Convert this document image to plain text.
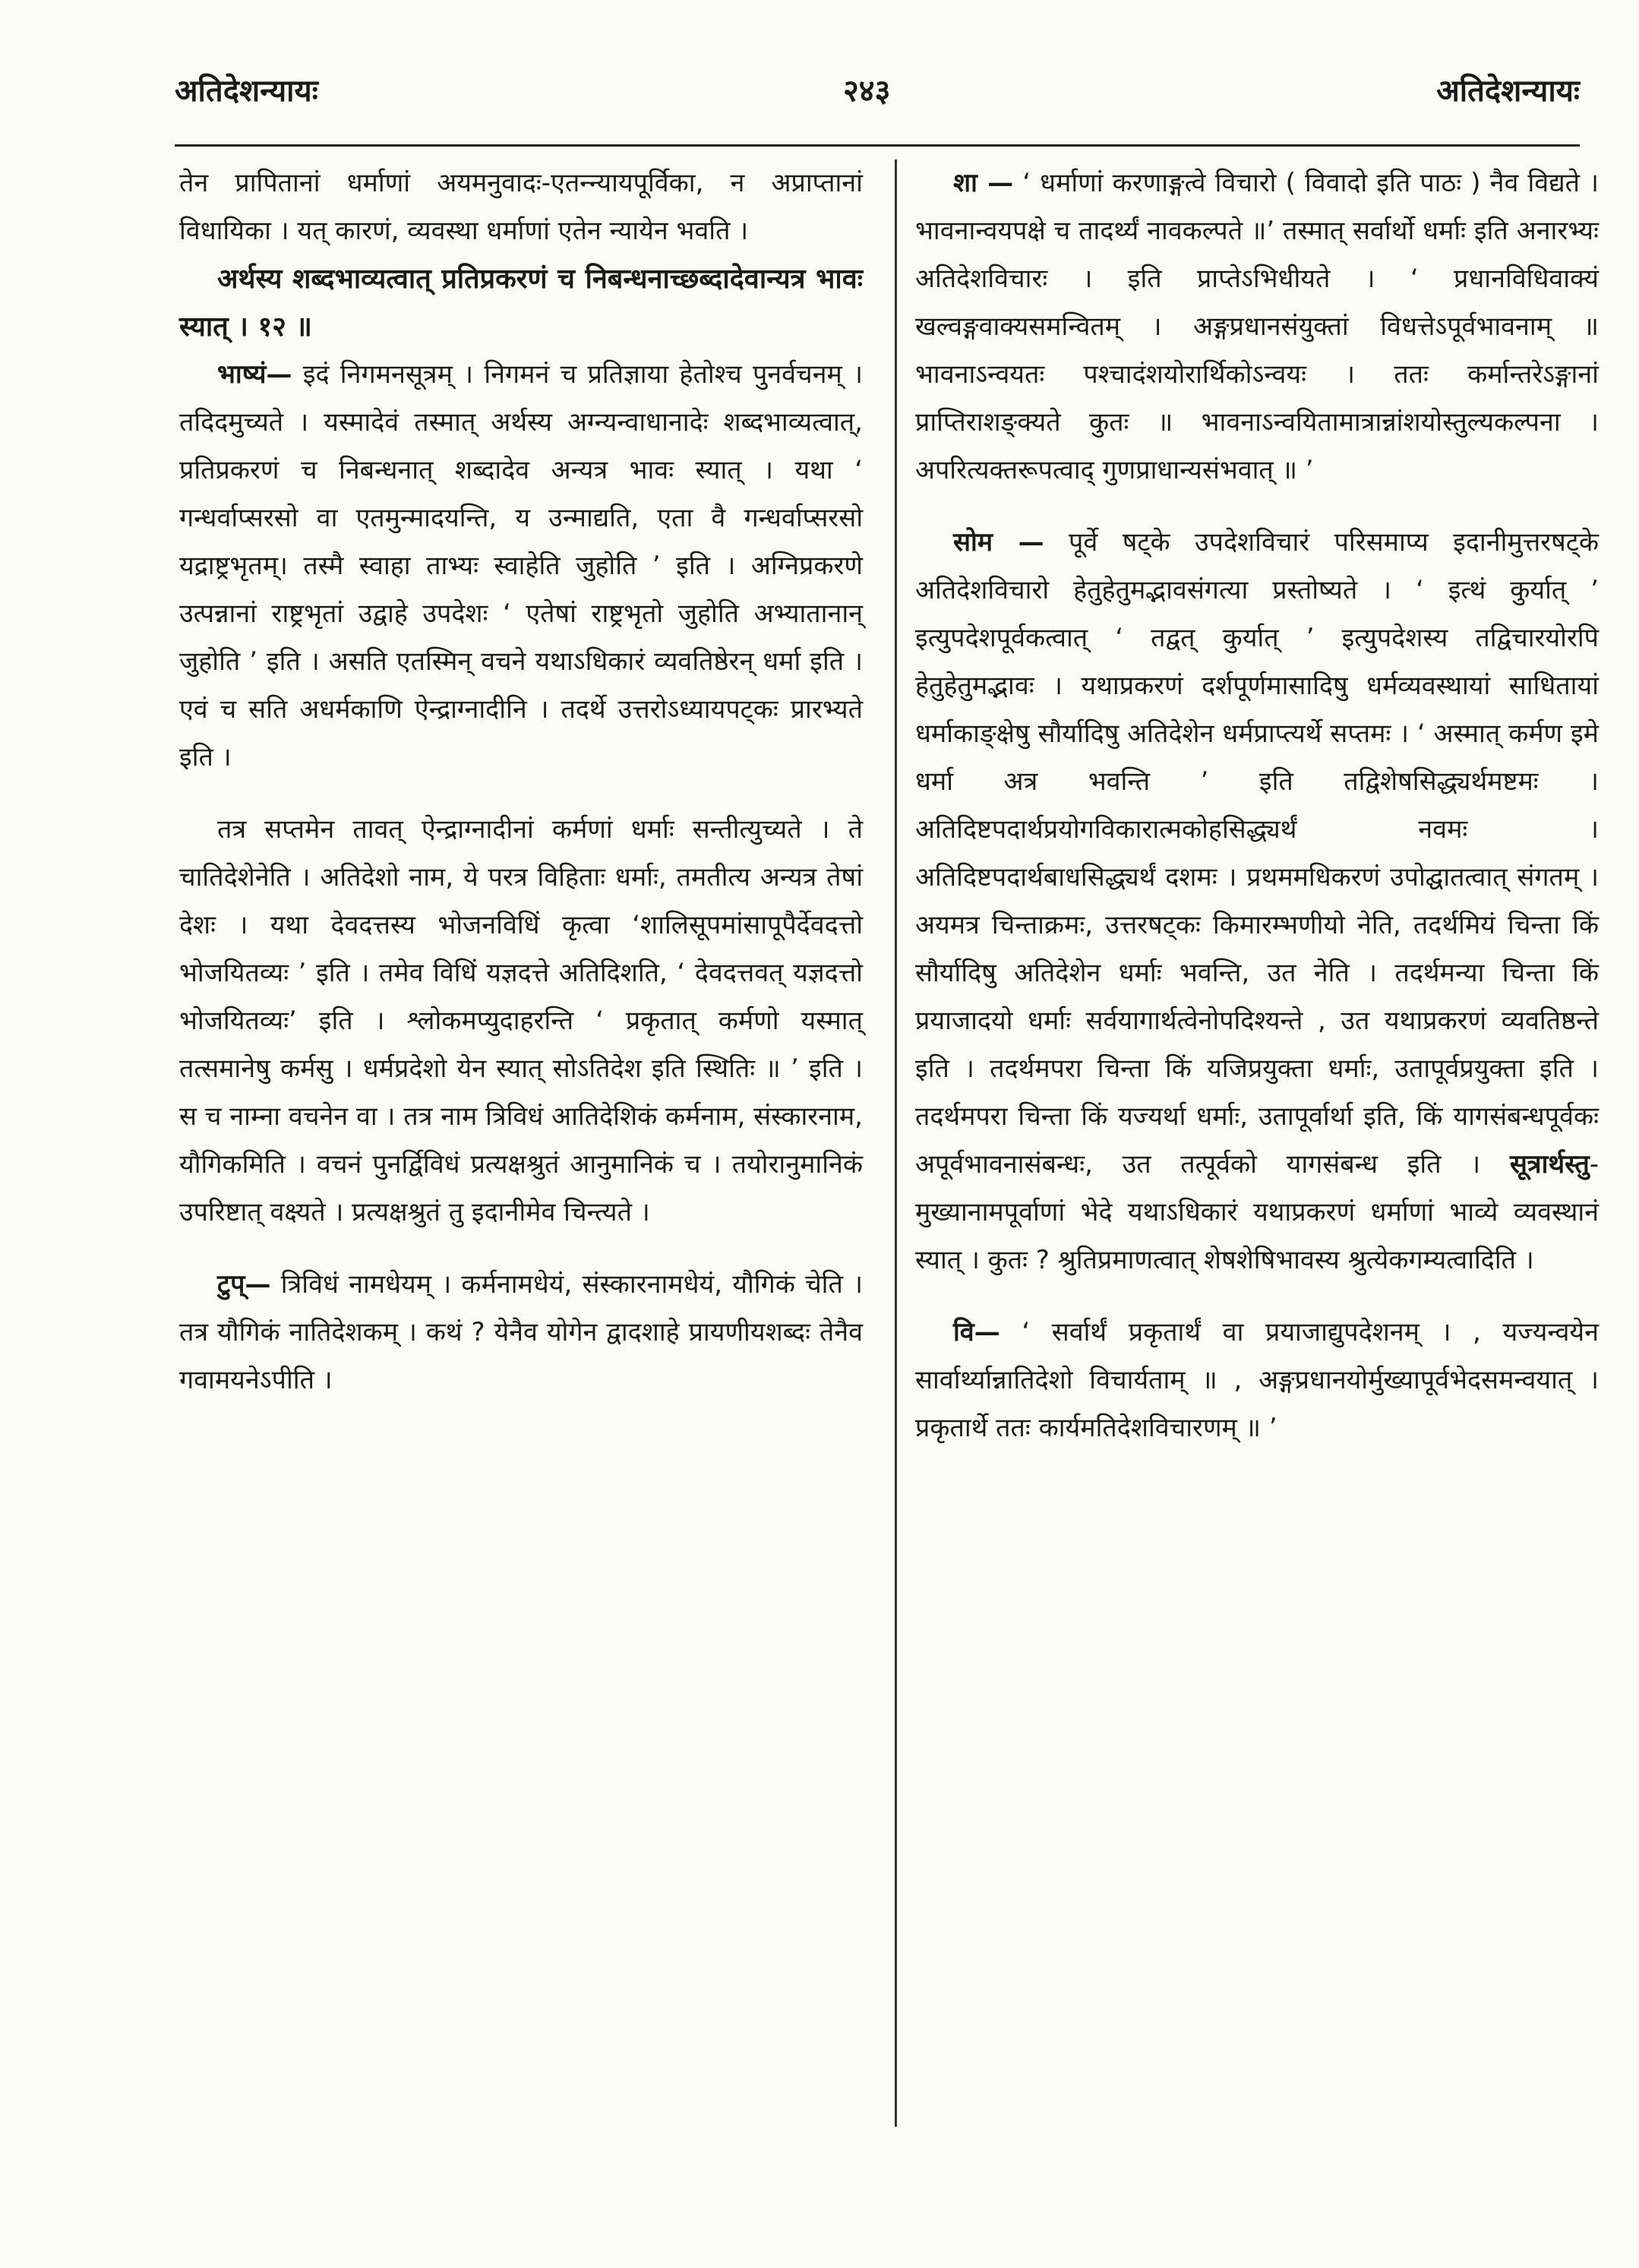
अतिदेशन्यायः	२४३	अतिदेशन्यायः

तेन प्रापितानां धर्माणां अयमनुवादः-एतन्न्यायपूर्विका, न अप्राप्तानां विधायिका । यत् कारणं, व्यवस्था धर्माणां एतेन न्यायेन भवति ।

अर्थस्य शब्दभाव्यत्वात् प्रतिप्रकरणं च निबन्धनाच्छब्दादेवान्यत्र भावः स्यात् । १२ ॥

भाष्यं— इदं निगमनसूत्रम् । निगमनं च प्रतिज्ञाया हेतोश्च पुनर्वचनम् । तदिदमुच्यते । यस्मादेवं तस्मात् अर्थस्य अग्न्यन्वाधानादेः शब्दभाव्यत्वात्, प्रतिप्रकरणं च निबन्धनात् शब्दादेव अन्यत्र भावः स्यात् । यथा ‘ गन्धर्वाप्सरसो वा एतमुन्मादयन्ति, य उन्माद्यति, एता वै गन्धर्वाप्सरसो यद्राष्ट्रभृतम्। तस्मै स्वाहा ताभ्यः स्वाहेति जुहोति ’ इति । अग्निप्रकरणे उत्पन्नानां राष्ट्रभृतां उद्वाहे उपदेशः ‘ एतेषां राष्ट्रभृतो जुहोति अभ्यातानान् जुहोति ’ इति । असति एतस्मिन् वचने यथाऽधिकारं व्यवतिष्ठेरन् धर्मा इति । एवं च सति अधर्मकाणि ऐन्द्राग्नादीनि । तदर्थे उत्तरोऽध्यायपट्कः प्रारभ्यते इति ।

तत्र सप्तमेन तावत् ऐन्द्राग्नादीनां कर्मणां धर्माः सन्तीत्युच्यते । ते चातिदेशेनेति । अतिदेशो नाम, ये परत्र विहिताः धर्माः, तमतीत्य अन्यत्र तेषां देशः । यथा देवदत्तस्य भोजनविधिं कृत्वा ‘शालिसूपमांसापूपैर्देवदत्तो भोजयितव्यः ’ इति । तमेव विधिं यज्ञदत्ते अतिदिशति, ‘ देवदत्तवत् यज्ञदत्तो भोजयितव्यः’ इति । श्लोकमप्युदाहरन्ति ‘ प्रकृतात् कर्मणो यस्मात् तत्समानेषु कर्मसु । धर्मप्रदेशो येन स्यात् सोऽतिदेश इति स्थितिः ॥ ’ इति । स च नाम्ना वचनेन वा । तत्र नाम त्रिविधं आतिदेशिकं कर्मनाम, संस्कारनाम, यौगिकमिति । वचनं पुनर्द्विविधं प्रत्यक्षश्रुतं आनुमानिकं च । तयोरानुमानिकं उपरिष्टात् वक्ष्यते । प्रत्यक्षश्रुतं तु इदानीमेव चिन्त्यते ।

टुप्— त्रिविधं नामधेयम् । कर्मनामधेयं, संस्कारनामधेयं, यौगिकं चेति । तत्र यौगिकं नातिदेशकम् । कथं ? येनैव योगेन द्वादशाहे प्रायणीयशब्दः तेनैव गवामयनेऽपीति ।

शा — ‘ धर्माणां करणाङ्गत्वे विचारो ( विवादो इति पाठः ) नैव विद्यते । भावनान्वयपक्षे च तादर्थ्यं नावकल्पते ॥’ तस्मात् सर्वार्थो धर्माः इति अनारभ्यः अतिदेशविचारः । इति प्राप्तेऽभिधीयते । ‘ प्रधानविधिवाक्यं खल्वङ्गवाक्यसमन्वितम् । अङ्गप्रधानसंयुक्तां विधत्तेऽपूर्वभावनाम् ॥ भावनाऽन्वयतः पश्चादंशयोरार्थिकोऽन्वयः । ततः कर्मान्तरेऽङ्गानां प्राप्तिराशङ्क्यते कुतः ॥ भावनाऽन्वयितामात्रान्नांशयोस्तुल्यकल्पना । अपरित्यक्तरूपत्वाद् गुणप्राधान्यसंभवात् ॥ ’

सोम — पूर्वे षट्के उपदेशविचारं परिसमाप्य इदानीमुत्तरषट्के अतिदेशविचारो हेतुहेतुमद्भावसंगत्या प्रस्तोष्यते । ‘ इत्थं कुर्यात् ’ इत्युपदेशपूर्वकत्वात् ‘ तद्वत् कुर्यात् ’ इत्युपदेशस्य तद्विचारयोरपि हेतुहेतुमद्भावः । यथाप्रकरणं दर्शपूर्णमासादिषु धर्मव्यवस्थायां साधितायां धर्माकाङ्क्षेषु सौर्यादिषु अतिदेशेन धर्मप्राप्त्यर्थे सप्तमः । ‘ अस्मात् कर्मण इमे धर्मा अत्र भवन्ति ’ इति तद्विशेषसिद्ध्यर्थमष्टमः । अतिदिष्टपदार्थप्रयोगविकारात्मकोहसिद्ध्यर्थं नवमः । अतिदिष्टपदार्थबाधसिद्ध्यर्थं दशमः । प्रथममधिकरणं उपोद्घातत्वात् संगतम् । अयमत्र चिन्ताक्रमः, उत्तरषट्कः किमारम्भणीयो नेति, तदर्थमियं चिन्ता किं सौर्यादिषु अतिदेशेन धर्माः भवन्ति, उत नेति । तदर्थमन्या चिन्ता किं प्रयाजादयो धर्माः सर्वयागार्थत्वेनोपदिश्यन्ते , उत यथाप्रकरणं व्यवतिष्ठन्ते इति । तदर्थमपरा चिन्ता किं यजिप्रयुक्ता धर्माः, उतापूर्वप्रयुक्ता इति । तदर्थमपरा चिन्ता किं यज्यर्था धर्माः, उतापूर्वार्था इति, किं यागसंबन्धपूर्वकः अपूर्वभावनासंबन्धः, उत तत्पूर्वको यागसंबन्ध इति । सूत्रार्थस्तु-मुख्यानामपूर्वाणां भेदे यथाऽधिकारं यथाप्रकरणं धर्माणां भाव्ये व्यवस्थानं स्यात् । कुतः ? श्रुतिप्रमाणत्वात् शेषशेषिभावस्य श्रुत्येकगम्यत्वादिति ।

वि— ‘ सर्वार्थं प्रकृतार्थं वा प्रयाजाद्युपदेशनम् । , यज्यन्वयेन सार्वार्थ्यान्नातिदेशो विचार्यताम् ॥ , अङ्गप्रधानयोर्मुख्यापूर्वभेदसमन्वयात् । प्रकृतार्थे ततः कार्यमतिदेशविचारणम् ॥ ’
